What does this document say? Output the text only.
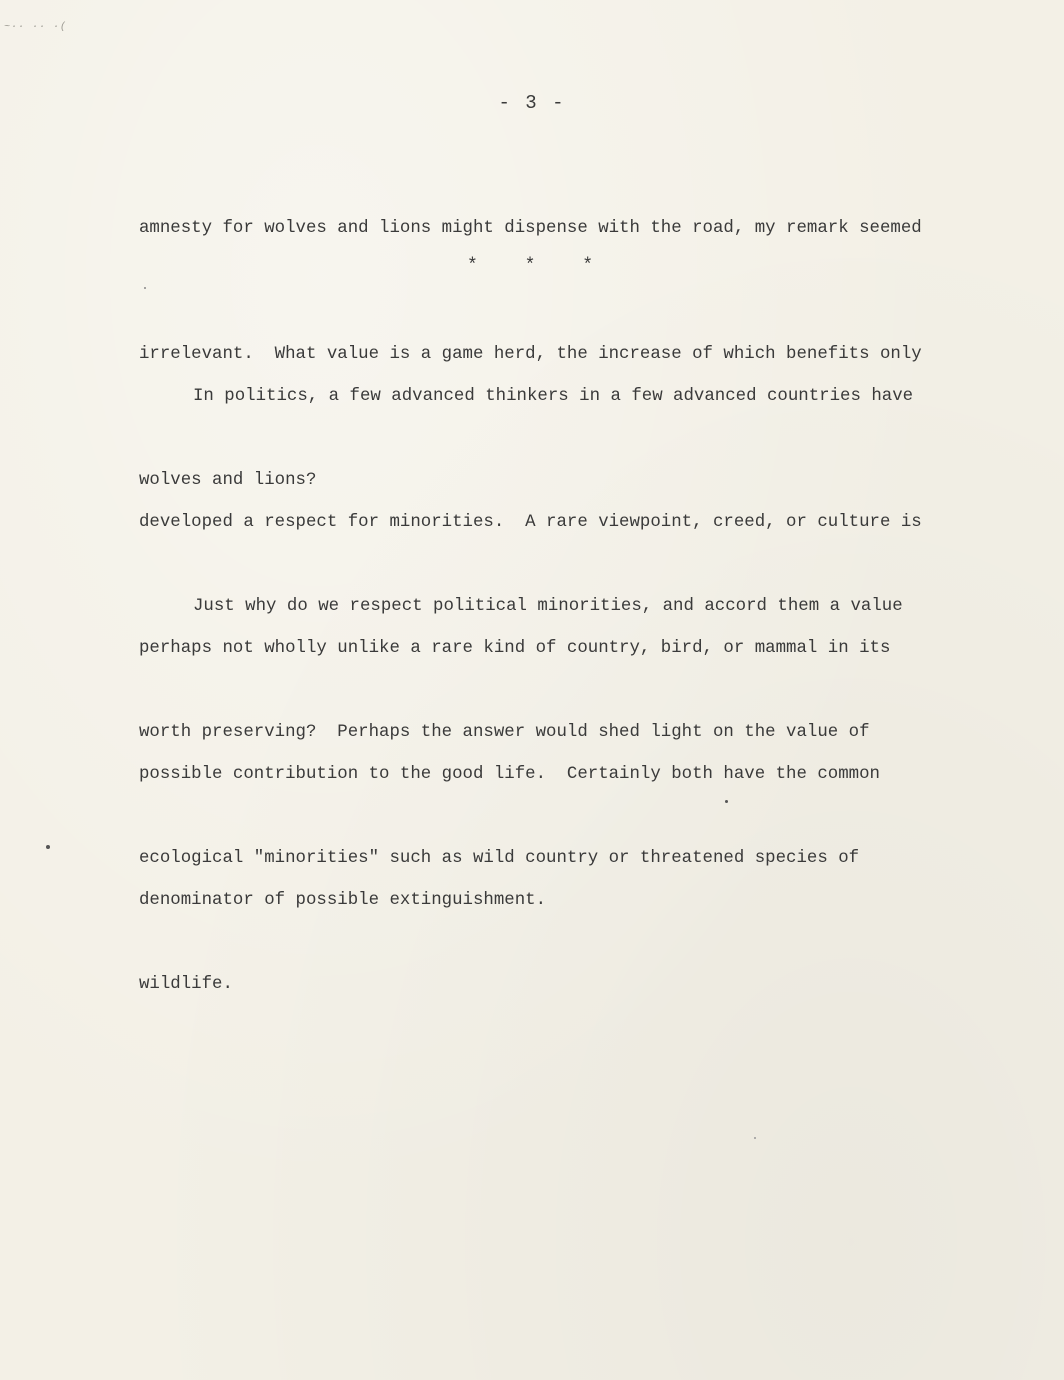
~·· ·· ·(
- 3 -

amnesty for wolves and lions might dispense with the road, my remark seemed

irrelevant.  What value is a game herd, the increase of which benefits only

wolves and lions?

* * *

In politics, a few advanced thinkers in a few advanced countries have

developed a respect for minorities.  A rare viewpoint, creed, or culture is

perhaps not wholly unlike a rare kind of country, bird, or mammal in its

possible contribution to the good life.  Certainly both have the common

denominator of possible extinguishment.

Just why do we respect political minorities, and accord them a value

worth preserving?  Perhaps the answer would shed light on the value of

ecological "minorities" such as wild country or threatened species of

wildlife.
